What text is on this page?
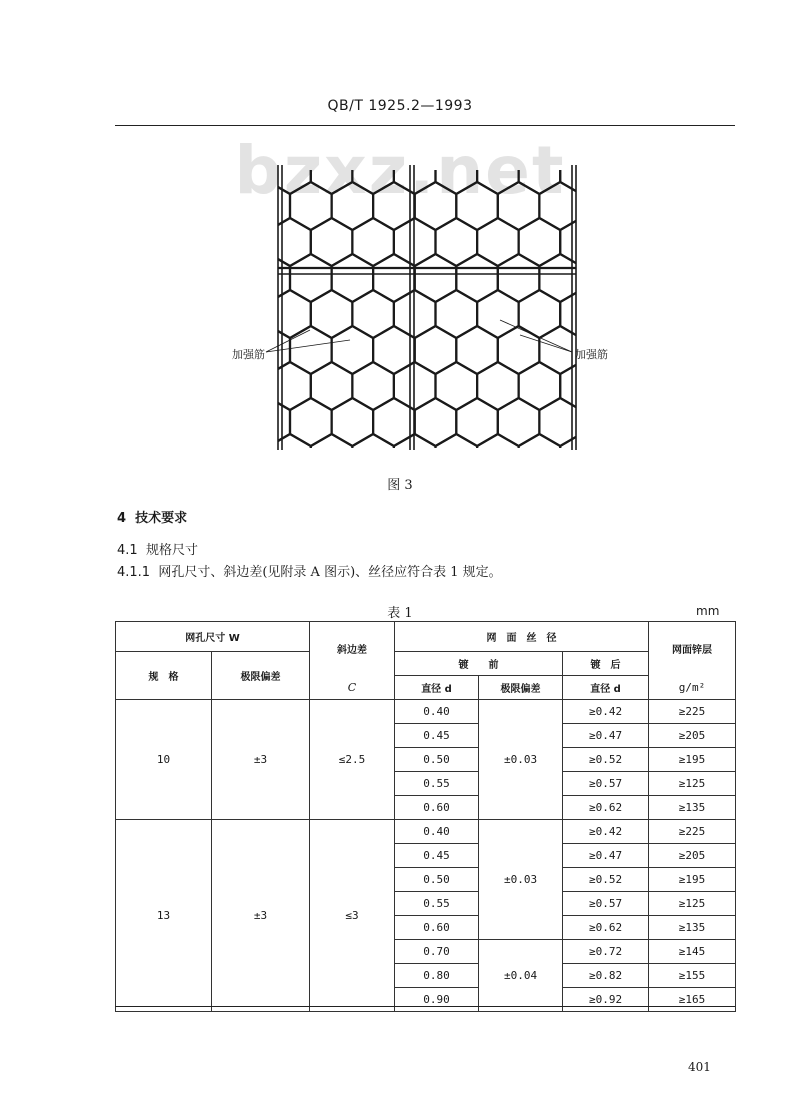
QB/T 1925.2—1993
bzxz.net
加强筋	加强筋
图 3
4 技术要求
4.1 规格尺寸
4.1.1 网孔尺寸、斜边差(见附录 A 图示)、丝径应符合表 1 规定。
表 1	mm
网孔尺寸 W		斜边差	网　面　丝　径			网面锌层
规　格	极限偏差		镀　　前		镀　后	
		C	直径 d	极限偏差	直径 d	g/m²
10	±3	≤2.5	0.40	±0.03	≥0.42	≥225
			0.45		≥0.47	≥205
			0.50		≥0.52	≥195
			0.55		≥0.57	≥125
			0.60		≥0.62	≥135
13	±3	≤3	0.40	±0.03	≥0.42	≥225
			0.45		≥0.47	≥205
			0.50		≥0.52	≥195
			0.55		≥0.57	≥125
			0.60		≥0.62	≥135
			0.70	±0.04	≥0.72	≥145
			0.80		≥0.82	≥155
			0.90		≥0.92	≥165
401
